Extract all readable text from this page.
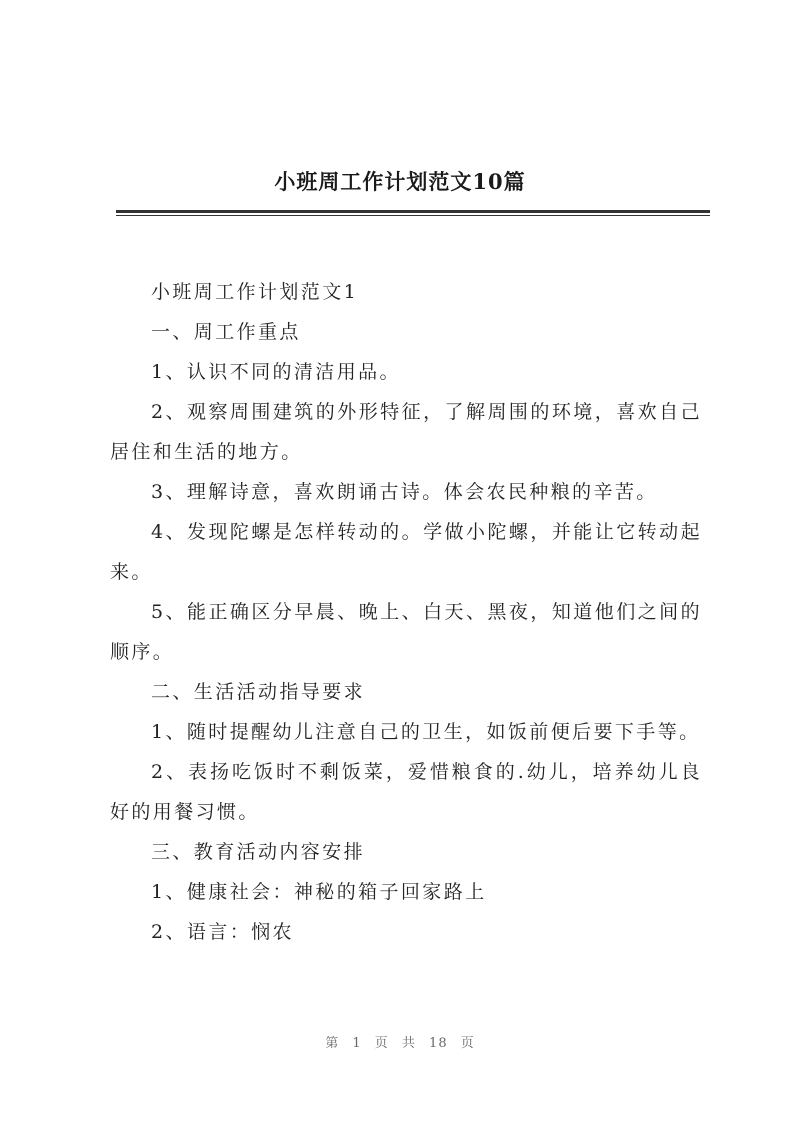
小班周工作计划范文10篇

小班周工作计划范文1

一、周工作重点

1、认识不同的清洁用品。

2、观察周围建筑的外形特征，了解周围的环境，喜欢自己居住和生活的地方。

3、理解诗意，喜欢朗诵古诗。体会农民种粮的辛苦。

4、发现陀螺是怎样转动的。学做小陀螺，并能让它转动起来。

5、能正确区分早晨、晚上、白天、黑夜，知道他们之间的顺序。

二、生活活动指导要求

1、随时提醒幼儿注意自己的卫生，如饭前便后要下手等。

2、表扬吃饭时不剩饭菜，爱惜粮食的.幼儿，培养幼儿良好的用餐习惯。

三、教育活动内容安排

1、健康社会：神秘的箱子回家路上

2、语言：悯农

第 1 页 共 18 页
